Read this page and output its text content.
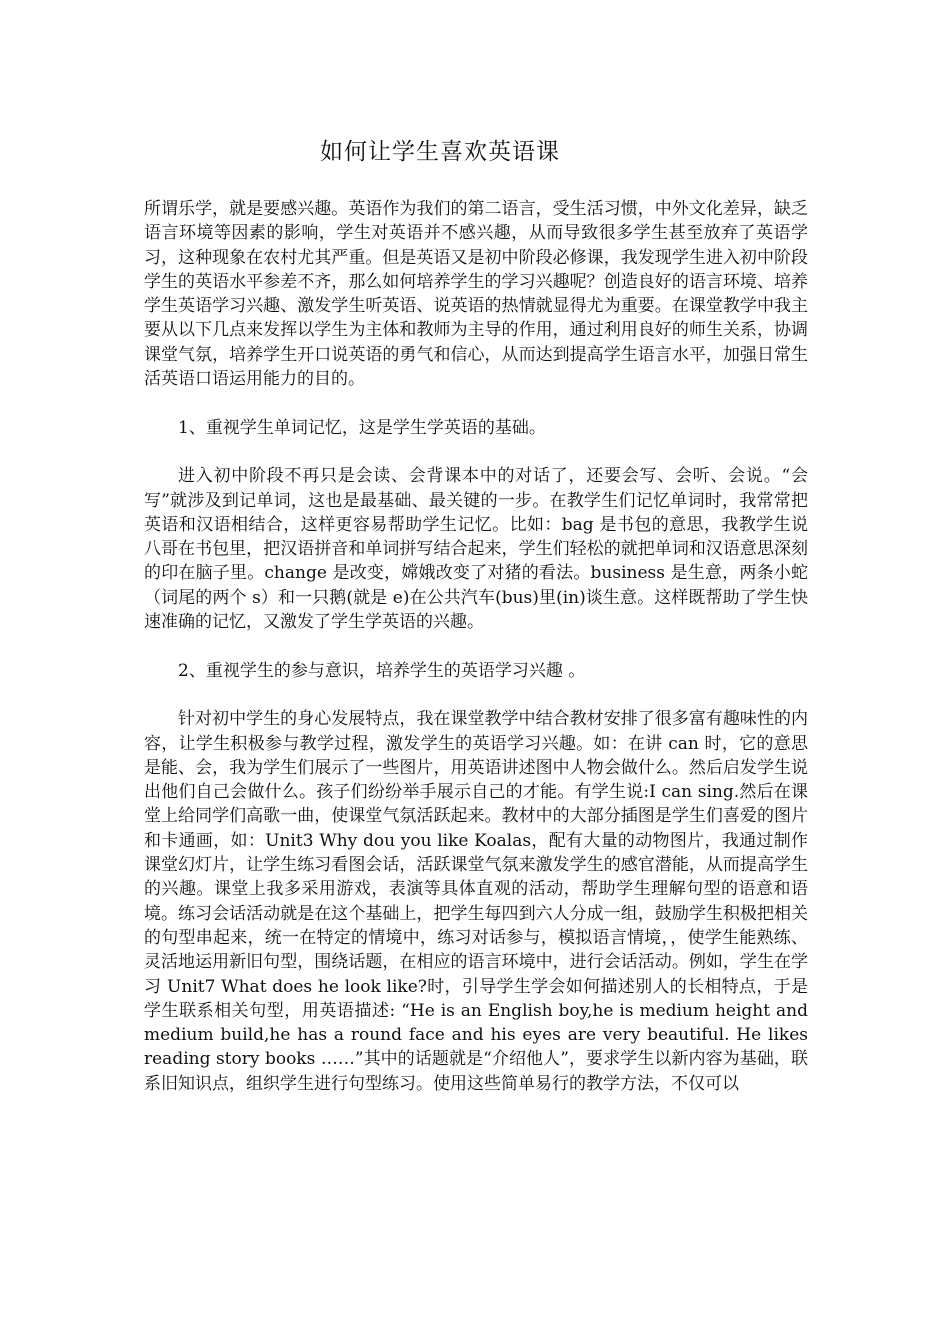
如何让学生喜欢英语课

所谓乐学，就是要感兴趣。英语作为我们的第二语言，受生活习惯，中外文化差异，缺乏语言环境等因素的影响，学生对英语并不感兴趣，从而导致很多学生甚至放弃了英语学习，这种现象在农村尤其严重。但是英语又是初中阶段必修课，我发现学生进入初中阶段学生的英语水平参差不齐，那么如何培养学生的学习兴趣呢？创造良好的语言环境、培养学生英语学习兴趣、激发学生听英语、说英语的热情就显得尤为重要。在课堂教学中我主要从以下几点来发挥以学生为主体和教师为主导的作用，通过利用良好的师生关系，协调课堂气氛，培养学生开口说英语的勇气和信心，从而达到提高学生语言水平，加强日常生活英语口语运用能力的目的。

1、重视学生单词记忆，这是学生学英语的基础。

进入初中阶段不再只是会读、会背课本中的对话了，还要会写、会听、会说。“会写”就涉及到记单词，这也是最基础、最关键的一步。在教学生们记忆单词时，我常常把英语和汉语相结合，这样更容易帮助学生记忆。比如：bag 是书包的意思，我教学生说八哥在书包里，把汉语拼音和单词拼写结合起来，学生们轻松的就把单词和汉语意思深刻的印在脑子里。change 是改变，嫦娥改变了对猪的看法。business 是生意，两条小蛇（词尾的两个 s）和一只鹅(就是 e)在公共汽车(bus)里(in)谈生意。这样既帮助了学生快速准确的记忆，又激发了学生学英语的兴趣。

2、重视学生的参与意识，培养学生的英语学习兴趣 。

针对初中学生的身心发展特点，我在课堂教学中结合教材安排了很多富有趣味性的内容，让学生积极参与教学过程，激发学生的英语学习兴趣。如：在讲 can 时，它的意思是能、会，我为学生们展示了一些图片，用英语讲述图中人物会做什么。然后启发学生说出他们自己会做什么。孩子们纷纷举手展示自己的才能。有学生说:I can sing.然后在课堂上给同学们高歌一曲，使课堂气氛活跃起来。教材中的大部分插图是学生们喜爱的图片和卡通画，如：Unit3 Why dou you like Koalas，配有大量的动物图片，我通过制作课堂幻灯片，让学生练习看图会话，活跃课堂气氛来激发学生的感官潜能，从而提高学生的兴趣。课堂上我多采用游戏，表演等具体直观的活动，帮助学生理解句型的语意和语境。练习会话活动就是在这个基础上，把学生每四到六人分成一组，鼓励学生积极把相关的句型串起来，统一在特定的情境中，练习对话参与，模拟语言情境，，使学生能熟练、灵活地运用新旧句型，围绕话题，在相应的语言环境中，进行会话活动。例如，学生在学习 Unit7 What does he look like?时，引导学生学会如何描述别人的长相特点，于是学生联系相关句型，用英语描述: “He is an English boy,he is medium height and medium build,he has a round face and his eyes are very beautiful. He likes reading story books ……”其中的话题就是“介绍他人”，要求学生以新内容为基础，联系旧知识点，组织学生进行句型练习。使用这些简单易行的教学方法，不仅可以
